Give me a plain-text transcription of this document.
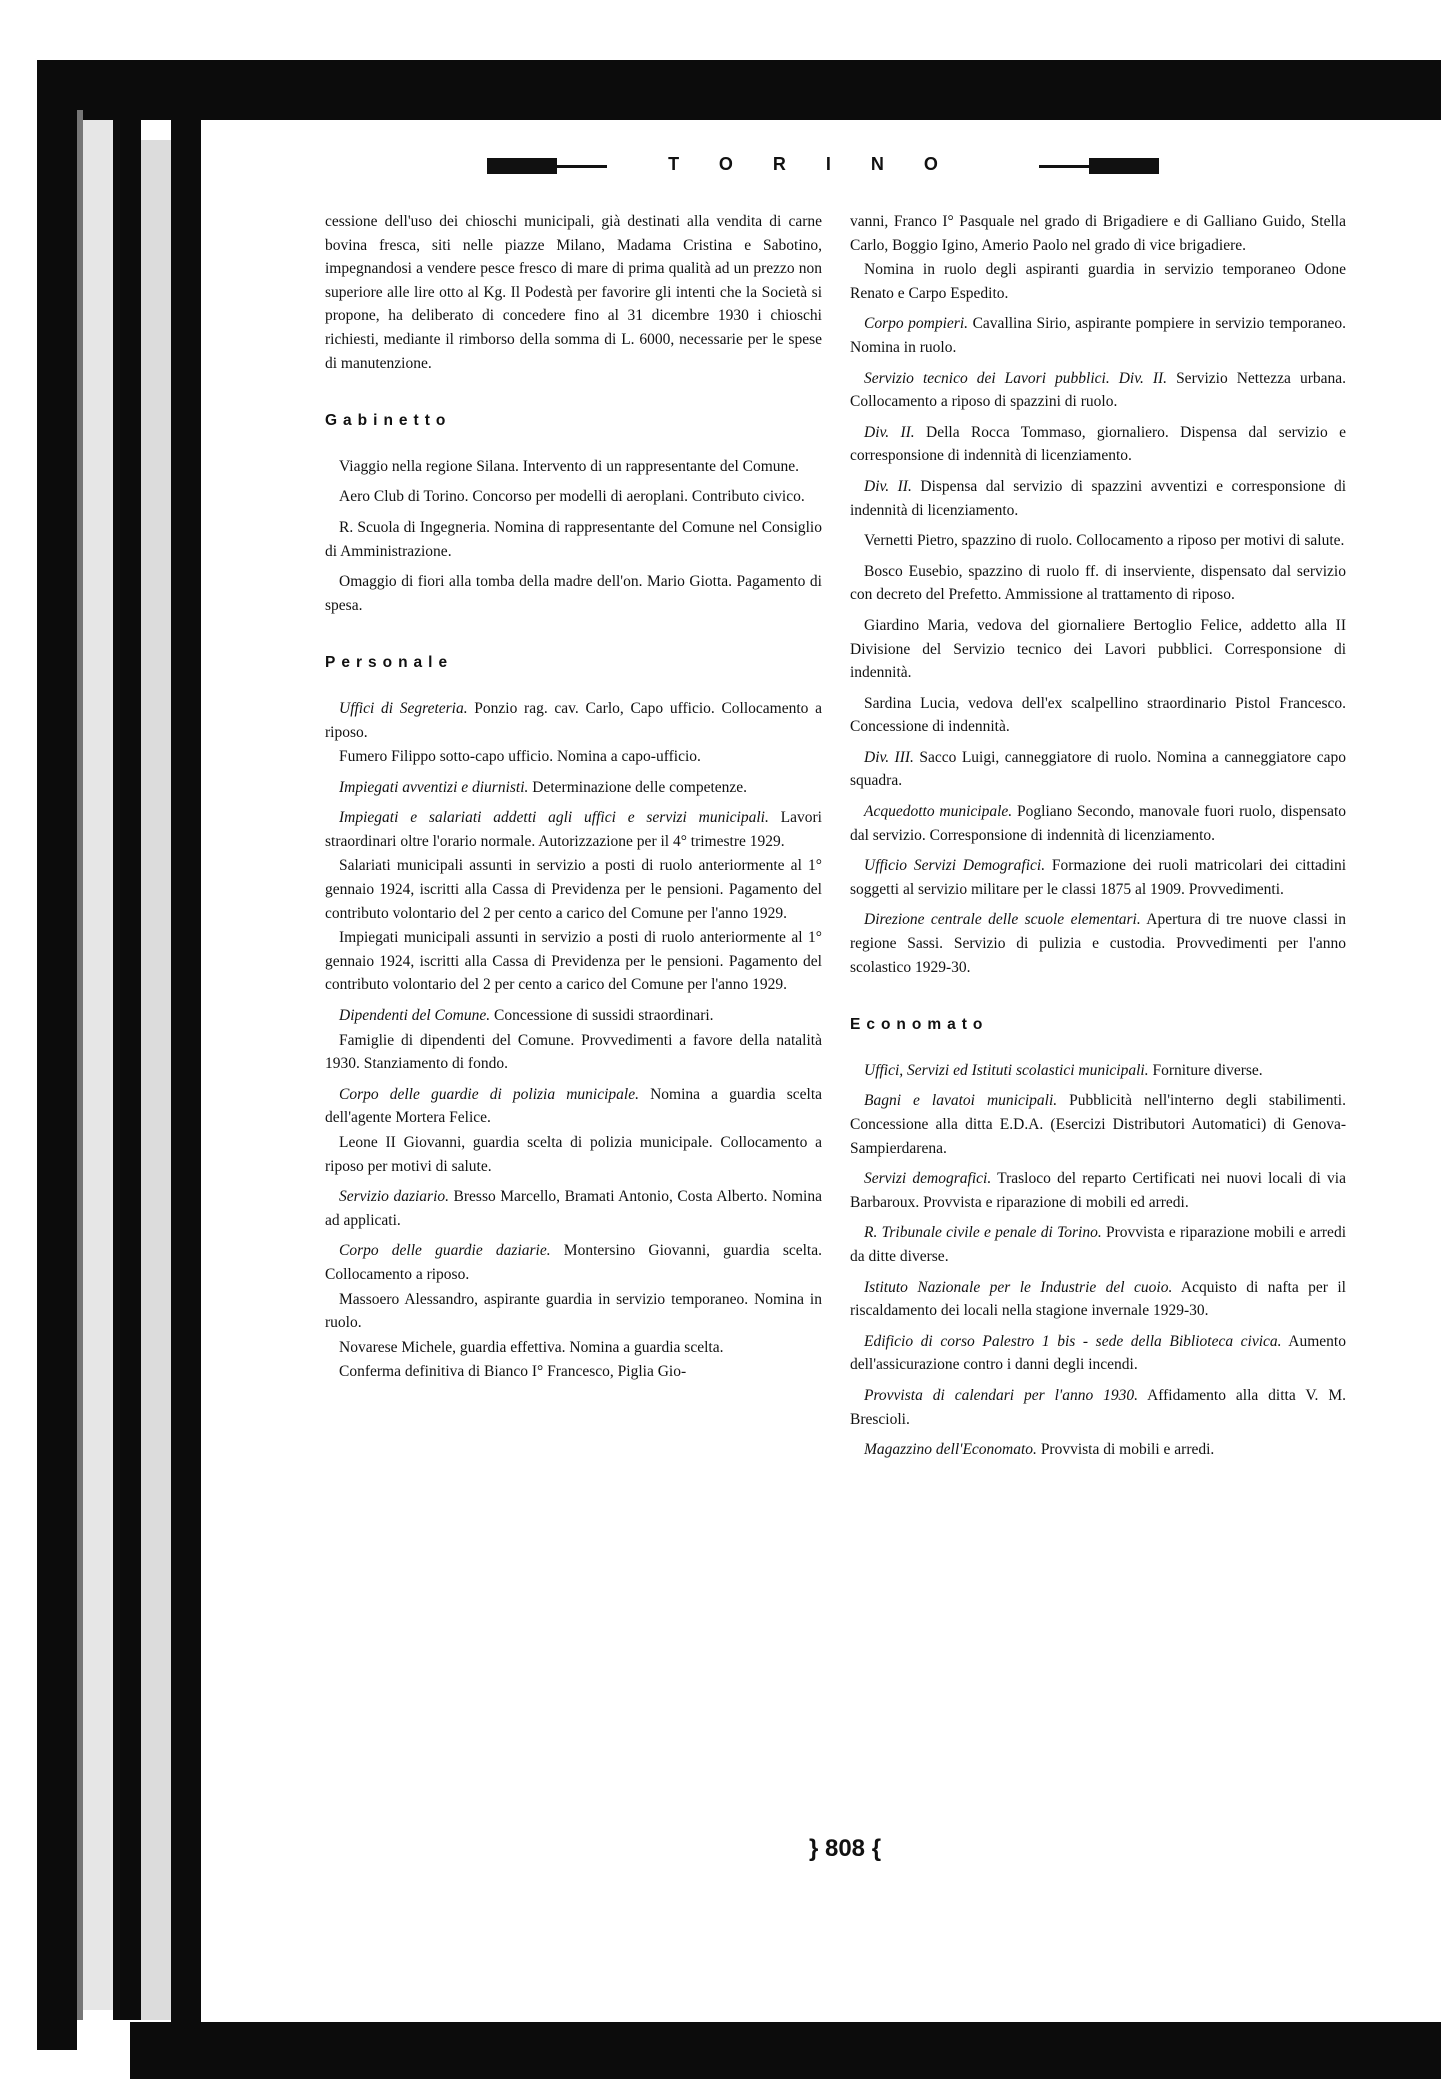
TORINO

cessione dell'uso dei chioschi municipali, già destinati alla vendita di carne bovina fresca, siti nelle piazze Milano, Madama Cristina e Sabotino, impegnandosi a vendere pesce fresco di mare di prima qualità ad un prezzo non superiore alle lire otto al Kg. Il Podestà per favorire gli intenti che la Società si propone, ha deliberato di concedere fino al 31 dicembre 1930 i chioschi richiesti, mediante il rimborso della somma di L. 6000, necessarie per le spese di manutenzione.

Gabinetto

Viaggio nella regione Silana. Intervento di un rappresentante del Comune.

Aero Club di Torino. Concorso per modelli di aeroplani. Contributo civico.

R. Scuola di Ingegneria. Nomina di rappresentante del Comune nel Consiglio di Amministrazione.

Omaggio di fiori alla tomba della madre dell'on. Mario Giotta. Pagamento di spesa.

Personale

Uffici di Segreteria. Ponzio rag. cav. Carlo, Capo ufficio. Collocamento a riposo.

Fumero Filippo sotto-capo ufficio. Nomina a capo-ufficio.

Impiegati avventizi e diurnisti. Determinazione delle competenze.

Impiegati e salariati addetti agli uffici e servizi municipali. Lavori straordinari oltre l'orario normale. Autorizzazione per il 4° trimestre 1929.

Salariati municipali assunti in servizio a posti di ruolo anteriormente al 1° gennaio 1924, iscritti alla Cassa di Previdenza per le pensioni. Pagamento del contributo volontario del 2 per cento a carico del Comune per l'anno 1929.

Impiegati municipali assunti in servizio a posti di ruolo anteriormente al 1° gennaio 1924, iscritti alla Cassa di Previdenza per le pensioni. Pagamento del contributo volontario del 2 per cento a carico del Comune per l'anno 1929.

Dipendenti del Comune. Concessione di sussidi straordinari.

Famiglie di dipendenti del Comune. Provvedimenti a favore della natalità 1930. Stanziamento di fondo.

Corpo delle guardie di polizia municipale. Nomina a guardia scelta dell'agente Mortera Felice.

Leone II Giovanni, guardia scelta di polizia municipale. Collocamento a riposo per motivi di salute.

Servizio daziario. Bresso Marcello, Bramati Antonio, Costa Alberto. Nomina ad applicati.

Corpo delle guardie daziarie. Montersino Giovanni, guardia scelta. Collocamento a riposo.

Massoero Alessandro, aspirante guardia in servizio temporaneo. Nomina in ruolo.

Novarese Michele, guardia effettiva. Nomina a guardia scelta.

Conferma definitiva di Bianco I° Francesco, Piglia Gio-

vanni, Franco I° Pasquale nel grado di Brigadiere e di Galliano Guido, Stella Carlo, Boggio Igino, Amerio Paolo nel grado di vice brigadiere.

Nomina in ruolo degli aspiranti guardia in servizio temporaneo Odone Renato e Carpo Espedito.

Corpo pompieri. Cavallina Sirio, aspirante pompiere in servizio temporaneo. Nomina in ruolo.

Servizio tecnico dei Lavori pubblici. Div. II. Servizio Nettezza urbana. Collocamento a riposo di spazzini di ruolo.

Div. II. Della Rocca Tommaso, giornaliero. Dispensa dal servizio e corresponsione di indennità di licenziamento.

Div. II. Dispensa dal servizio di spazzini avventizi e corresponsione di indennità di licenziamento.

Vernetti Pietro, spazzino di ruolo. Collocamento a riposo per motivi di salute.

Bosco Eusebio, spazzino di ruolo ff. di inserviente, dispensato dal servizio con decreto del Prefetto. Ammissione al trattamento di riposo.

Giardino Maria, vedova del giornaliere Bertoglio Felice, addetto alla II Divisione del Servizio tecnico dei Lavori pubblici. Corresponsione di indennità.

Sardina Lucia, vedova dell'ex scalpellino straordinario Pistol Francesco. Concessione di indennità.

Div. III. Sacco Luigi, canneggiatore di ruolo. Nomina a canneggiatore capo squadra.

Acquedotto municipale. Pogliano Secondo, manovale fuori ruolo, dispensato dal servizio. Corresponsione di indennità di licenziamento.

Ufficio Servizi Demografici. Formazione dei ruoli matricolari dei cittadini soggetti al servizio militare per le classi 1875 al 1909. Provvedimenti.

Direzione centrale delle scuole elementari. Apertura di tre nuove classi in regione Sassi. Servizio di pulizia e custodia. Provvedimenti per l'anno scolastico 1929-30.

Economato

Uffici, Servizi ed Istituti scolastici municipali. Forniture diverse.

Bagni e lavatoi municipali. Pubblicità nell'interno degli stabilimenti. Concessione alla ditta E.D.A. (Esercizi Distributori Automatici) di Genova-Sampierdarena.

Servizi demografici. Trasloco del reparto Certificati nei nuovi locali di via Barbaroux. Provvista e riparazione di mobili ed arredi.

R. Tribunale civile e penale di Torino. Provvista e riparazione mobili e arredi da ditte diverse.

Istituto Nazionale per le Industrie del cuoio. Acquisto di nafta per il riscaldamento dei locali nella stagione invernale 1929-30.

Edificio di corso Palestro 1 bis - sede della Biblioteca civica. Aumento dell'assicurazione contro i danni degli incendi.

Provvista di calendari per l'anno 1930. Affidamento alla ditta V. M. Brescioli.

Magazzino dell'Economato. Provvista di mobili e arredi.

} 808 {
